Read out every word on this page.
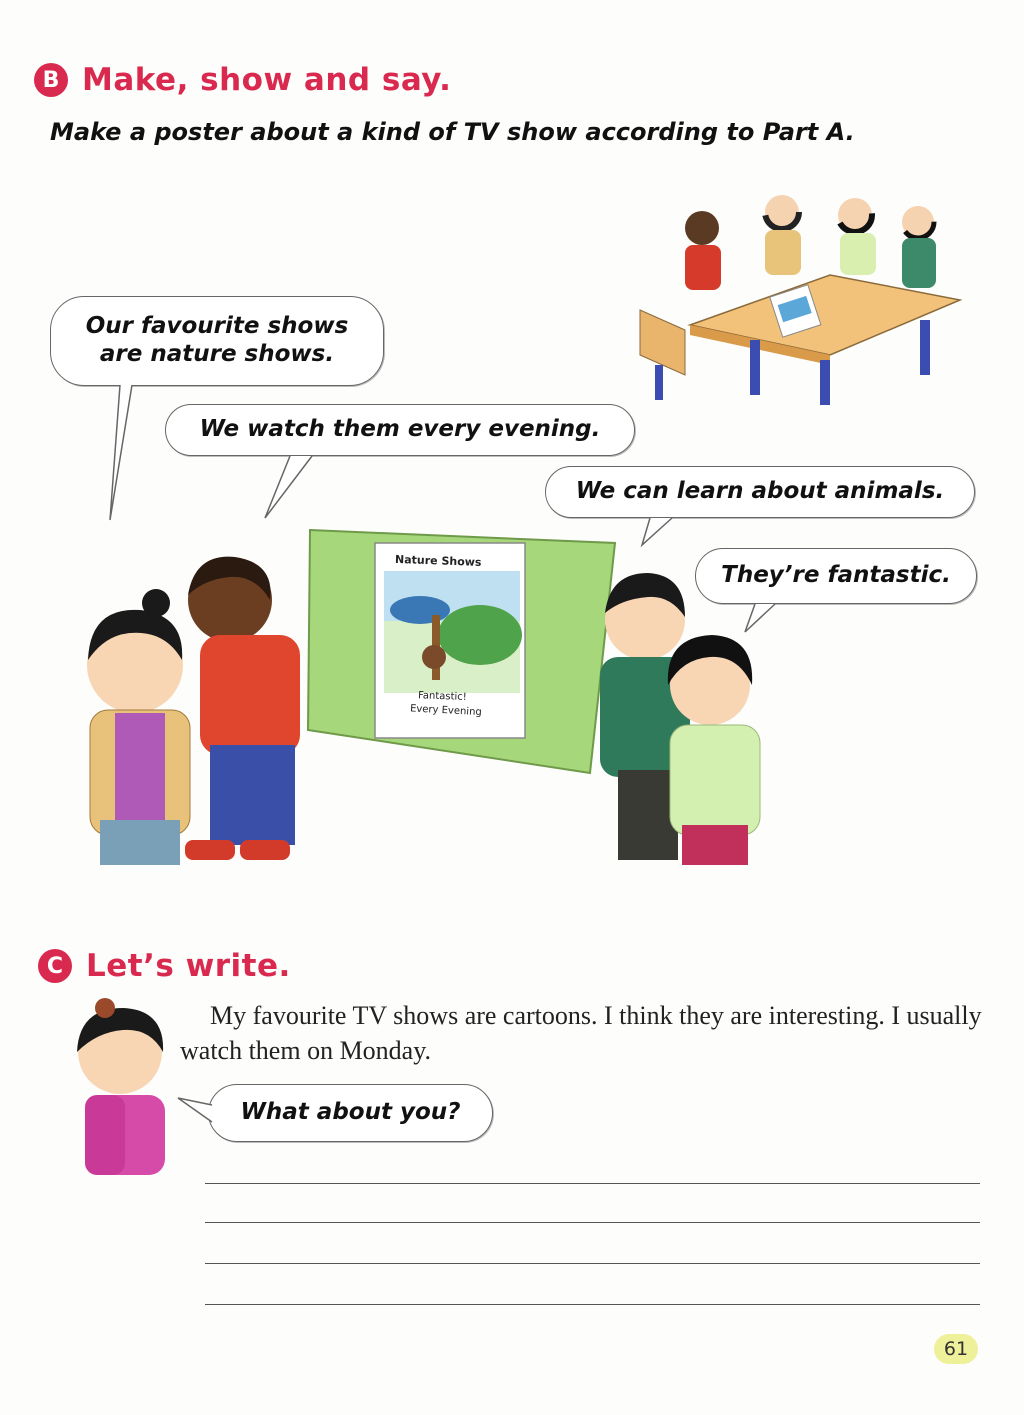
B Make, show and say.
Make a poster about a kind of TV show according to Part A.
Our favourite shows are nature shows.
We watch them every evening.
We can learn about animals.
They’re fantastic.
Nature Shows
Fantastic!
Every Evening
C Let’s write.
My favourite TV shows are cartoons. I think they are interesting. I usually watch them on Monday.
What about you?
61
